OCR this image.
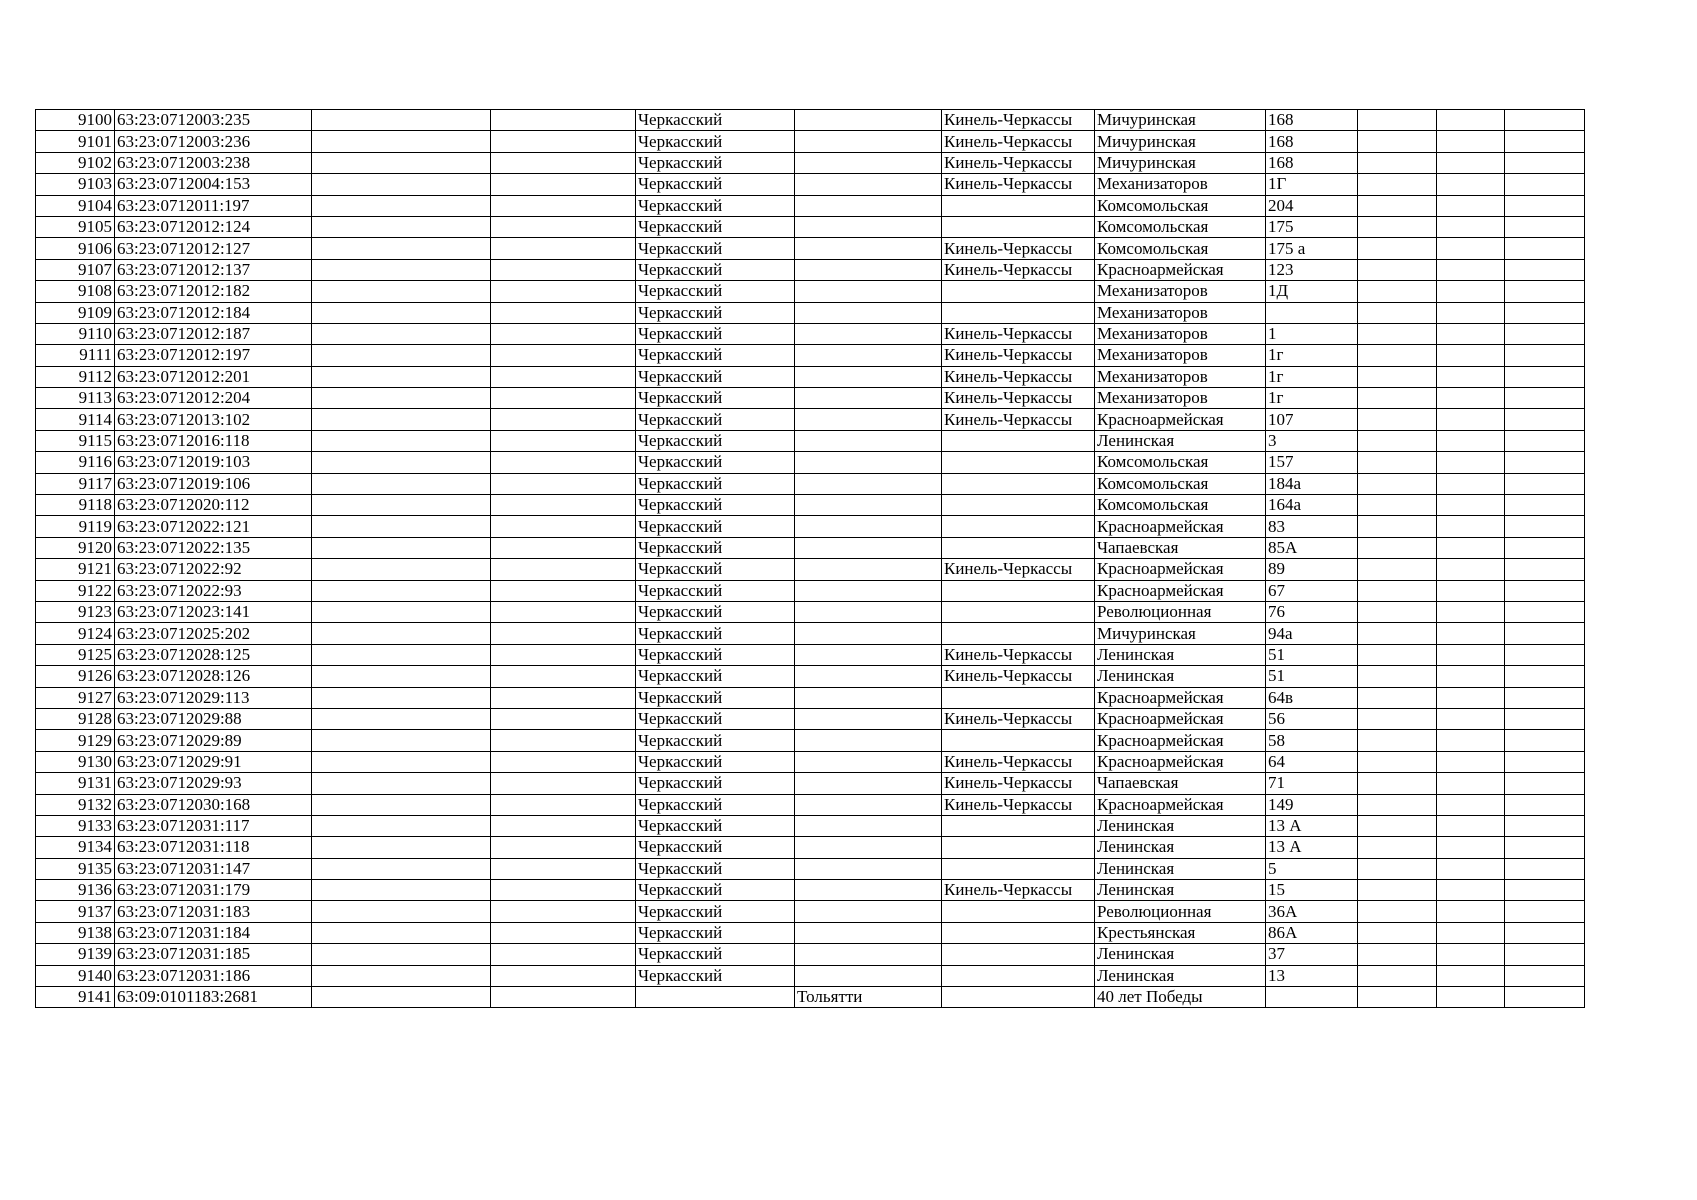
9100	63:23:0712003:235			Черкасский		Кинель-Черкассы	Мичуринская	168			
9101	63:23:0712003:236			Черкасский		Кинель-Черкассы	Мичуринская	168			
9102	63:23:0712003:238			Черкасский		Кинель-Черкассы	Мичуринская	168			
9103	63:23:0712004:153			Черкасский		Кинель-Черкассы	Механизаторов	1Г			
9104	63:23:0712011:197			Черкасский			Комсомольская	204			
9105	63:23:0712012:124			Черкасский			Комсомольская	175			
9106	63:23:0712012:127			Черкасский		Кинель-Черкассы	Комсомольская	175 а			
9107	63:23:0712012:137			Черкасский		Кинель-Черкассы	Красноармейская	123			
9108	63:23:0712012:182			Черкасский			Механизаторов	1Д			
9109	63:23:0712012:184			Черкасский			Механизаторов				
9110	63:23:0712012:187			Черкасский		Кинель-Черкассы	Механизаторов	1			
9111	63:23:0712012:197			Черкасский		Кинель-Черкассы	Механизаторов	1г			
9112	63:23:0712012:201			Черкасский		Кинель-Черкассы	Механизаторов	1г			
9113	63:23:0712012:204			Черкасский		Кинель-Черкассы	Механизаторов	1г			
9114	63:23:0712013:102			Черкасский		Кинель-Черкассы	Красноармейская	107			
9115	63:23:0712016:118			Черкасский			Ленинская	3			
9116	63:23:0712019:103			Черкасский			Комсомольская	157			
9117	63:23:0712019:106			Черкасский			Комсомольская	184а			
9118	63:23:0712020:112			Черкасский			Комсомольская	164а			
9119	63:23:0712022:121			Черкасский			Красноармейская	83			
9120	63:23:0712022:135			Черкасский			Чапаевская	85А			
9121	63:23:0712022:92			Черкасский		Кинель-Черкассы	Красноармейская	89			
9122	63:23:0712022:93			Черкасский			Красноармейская	67			
9123	63:23:0712023:141			Черкасский			Революционная	76			
9124	63:23:0712025:202			Черкасский			Мичуринская	94а			
9125	63:23:0712028:125			Черкасский		Кинель-Черкассы	Ленинская	51			
9126	63:23:0712028:126			Черкасский		Кинель-Черкассы	Ленинская	51			
9127	63:23:0712029:113			Черкасский			Красноармейская	64в			
9128	63:23:0712029:88			Черкасский		Кинель-Черкассы	Красноармейская	56			
9129	63:23:0712029:89			Черкасский			Красноармейская	58			
9130	63:23:0712029:91			Черкасский		Кинель-Черкассы	Красноармейская	64			
9131	63:23:0712029:93			Черкасский		Кинель-Черкассы	Чапаевская	71			
9132	63:23:0712030:168			Черкасский		Кинель-Черкассы	Красноармейская	149			
9133	63:23:0712031:117			Черкасский			Ленинская	13 А			
9134	63:23:0712031:118			Черкасский			Ленинская	13 А			
9135	63:23:0712031:147			Черкасский			Ленинская	5			
9136	63:23:0712031:179			Черкасский		Кинель-Черкассы	Ленинская	15			
9137	63:23:0712031:183			Черкасский			Революционная	36А			
9138	63:23:0712031:184			Черкасский			Крестьянская	86А			
9139	63:23:0712031:185			Черкасский			Ленинская	37			
9140	63:23:0712031:186			Черкасский			Ленинская	13			
9141	63:09:0101183:2681				Тольятти		40 лет Победы				
